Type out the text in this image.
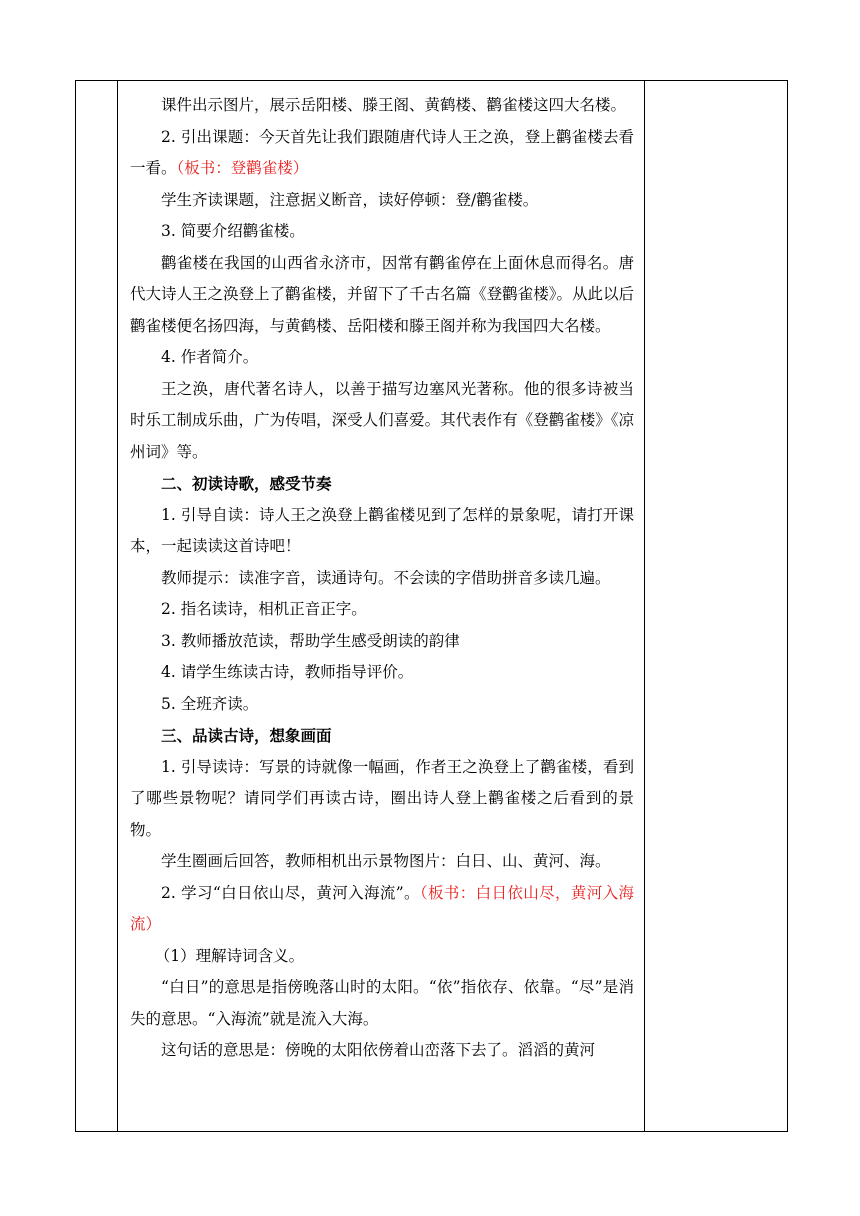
课件出示图片，展示岳阳楼、滕王阁、黄鹤楼、鹳雀楼这四大名楼。

2. 引出课题：今天首先让我们跟随唐代诗人王之涣，登上鹳雀楼去看一看。（板书：登鹳雀楼）

学生齐读课题，注意据义断音，读好停顿：登/鹳雀楼。

3. 简要介绍鹳雀楼。

鹳雀楼在我国的山西省永济市，因常有鹳雀停在上面休息而得名。唐代大诗人王之涣登上了鹳雀楼，并留下了千古名篇《登鹳雀楼》。从此以后鹳雀楼便名扬四海，与黄鹤楼、岳阳楼和滕王阁并称为我国四大名楼。

4. 作者简介。

王之涣，唐代著名诗人，以善于描写边塞风光著称。他的很多诗被当时乐工制成乐曲，广为传唱，深受人们喜爱。其代表作有《登鹳雀楼》《凉州词》等。

二、初读诗歌，感受节奏

1. 引导自读：诗人王之涣登上鹳雀楼见到了怎样的景象呢，请打开课本，一起读读这首诗吧！

教师提示：读准字音，读通诗句。不会读的字借助拼音多读几遍。

2. 指名读诗，相机正音正字。

3. 教师播放范读，帮助学生感受朗读的韵律

4. 请学生练读古诗，教师指导评价。

5. 全班齐读。

三、品读古诗，想象画面

1. 引导读诗：写景的诗就像一幅画，作者王之涣登上了鹳雀楼，看到了哪些景物呢？请同学们再读古诗，圈出诗人登上鹳雀楼之后看到的景物。

学生圈画后回答，教师相机出示景物图片：白日、山、黄河、海。

2. 学习“白日依山尽，黄河入海流”。（板书：白日依山尽，黄河入海流）

（1）理解诗词含义。

“白日”的意思是指傍晚落山时的太阳。“依”指依存、依靠。“尽”是消失的意思。“入海流”就是流入大海。

这句话的意思是：傍晚的太阳依傍着山峦落下去了。滔滔的黄河
